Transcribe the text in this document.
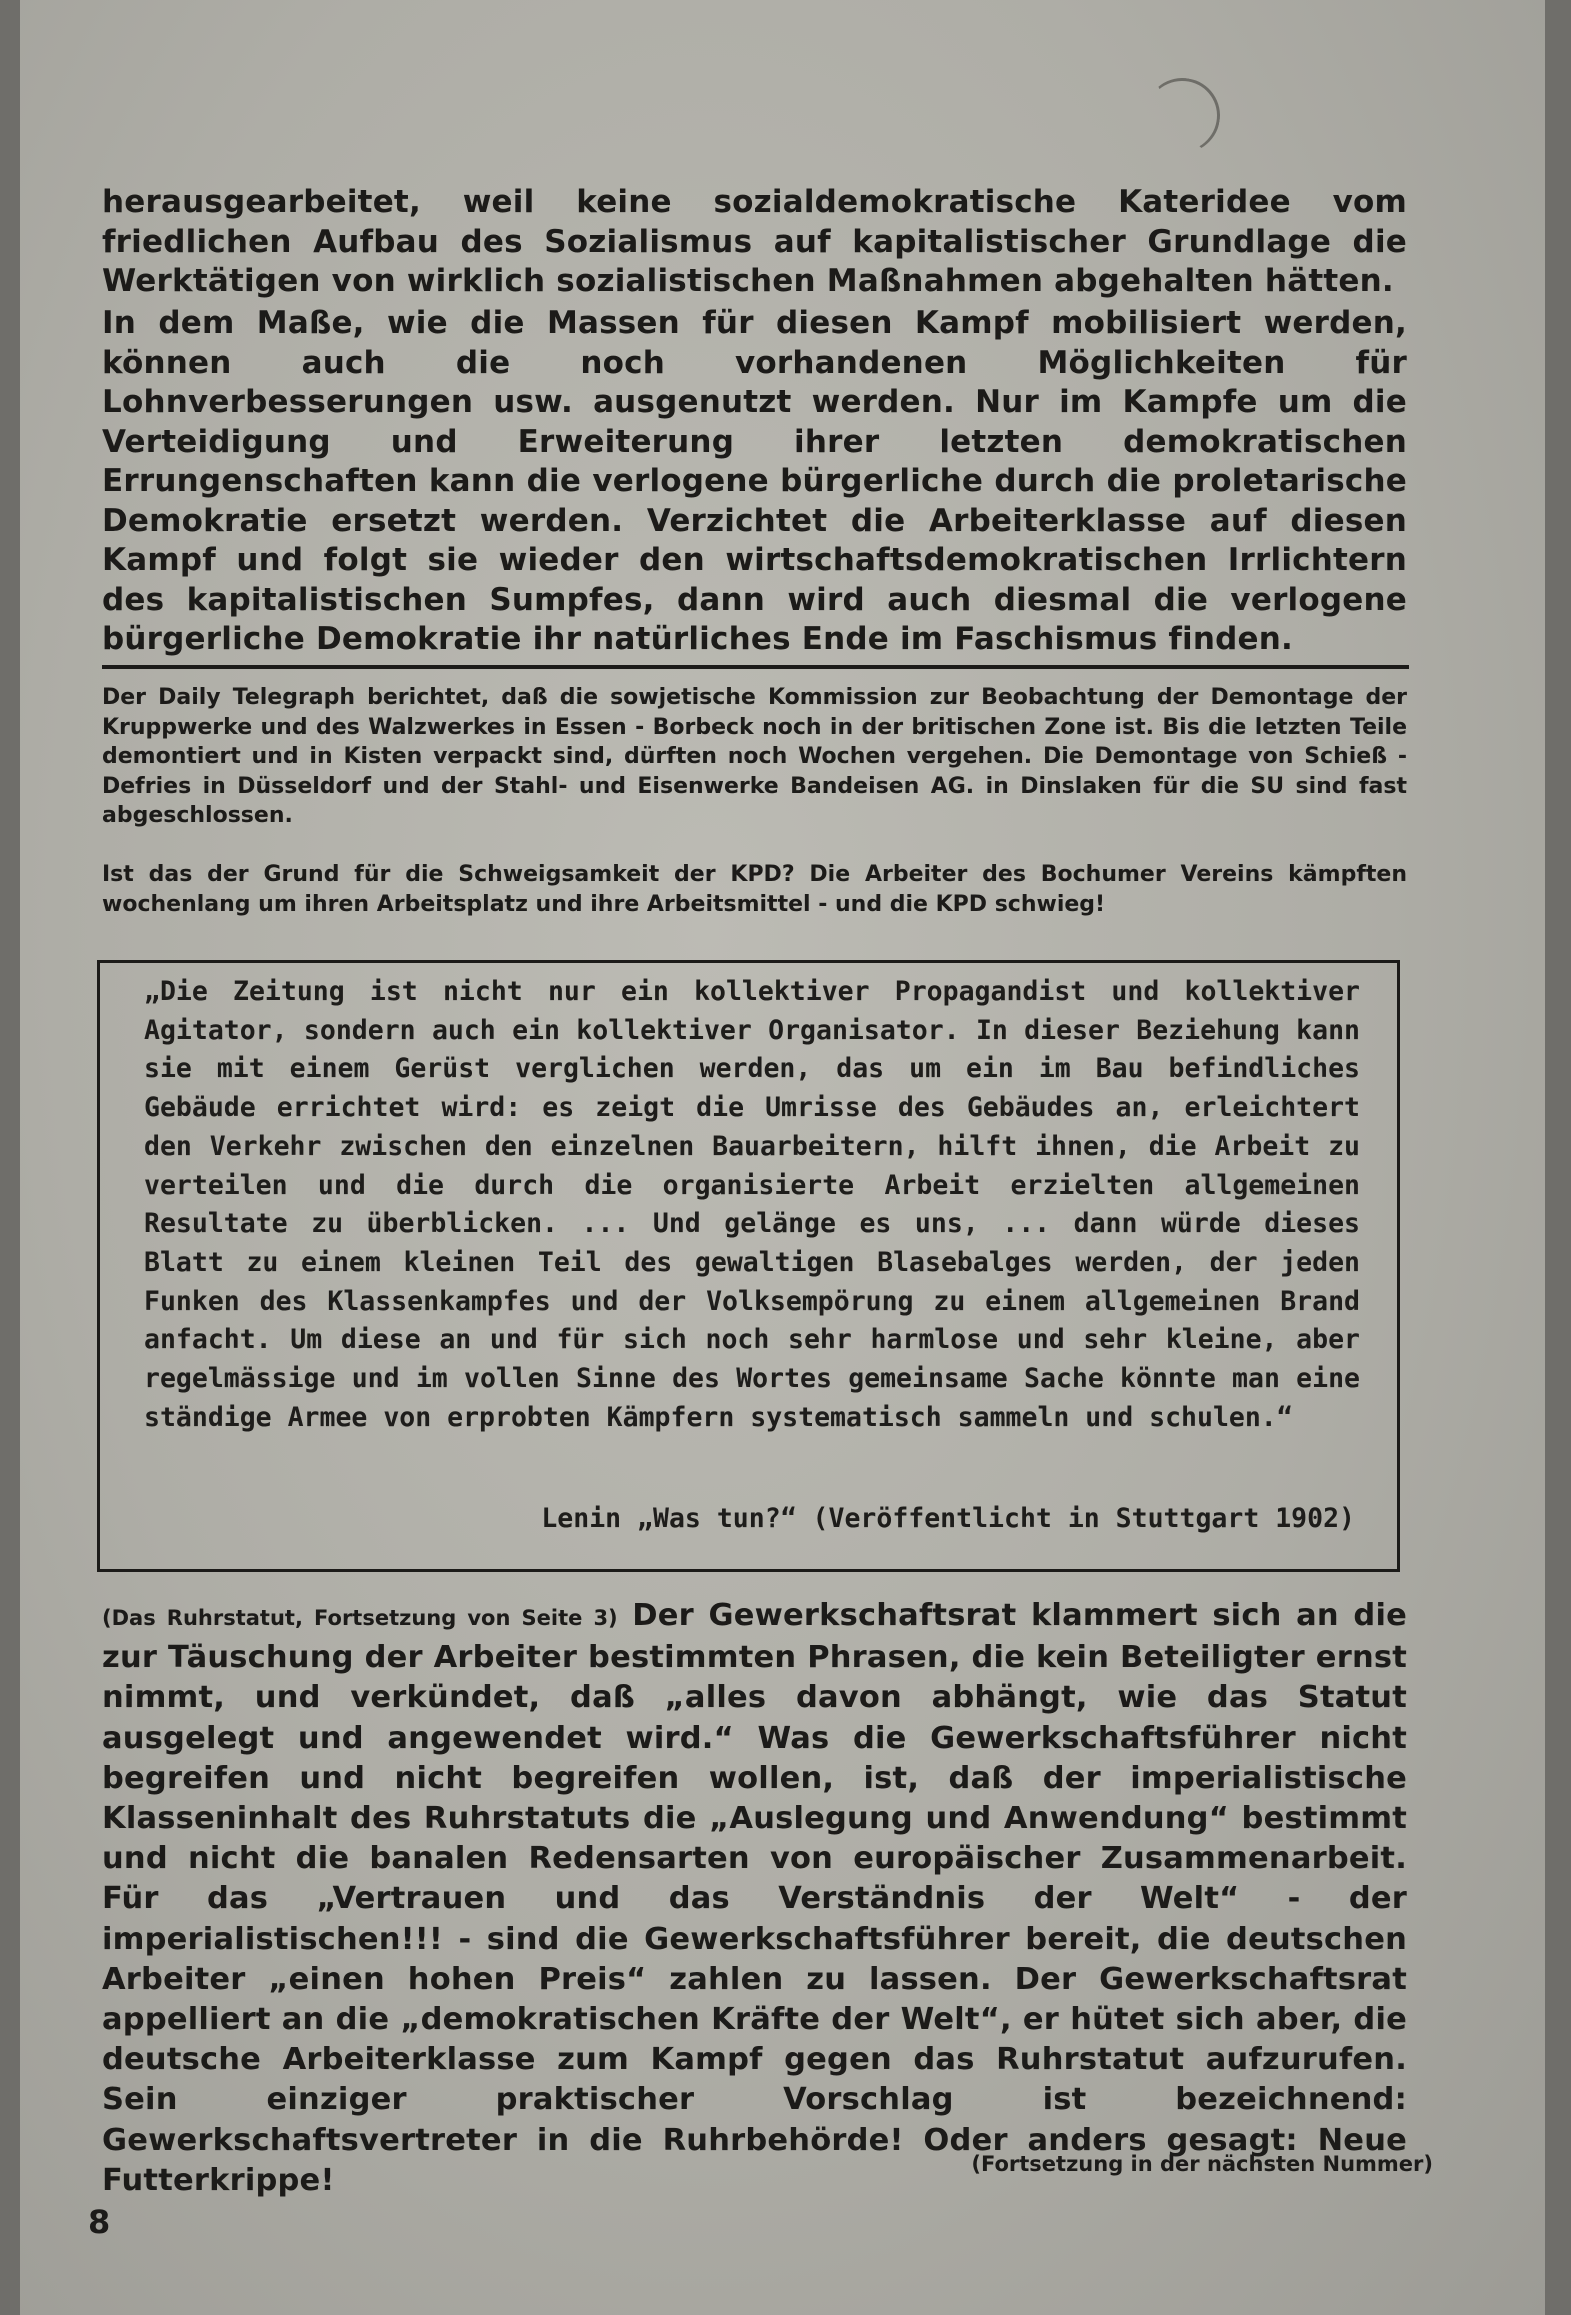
herausgearbeitet, weil keine sozialdemokratische Kateridee vom friedlichen Aufbau des Sozialismus auf kapitalistischer Grundlage die Werktätigen von wirklich sozialistischen Maßnahmen abgehalten hätten.

In dem Maße, wie die Massen für diesen Kampf mobilisiert werden, können auch die noch vorhandenen Möglichkeiten für Lohnverbesserungen usw. ausgenutzt werden. Nur im Kampfe um die Verteidigung und Erweiterung ihrer letzten demokratischen Errungenschaften kann die verlogene bürgerliche durch die proletarische Demokratie ersetzt werden. Verzichtet die Arbeiterklasse auf diesen Kampf und folgt sie wieder den wirtschaftsdemokratischen Irrlichtern des kapitalistischen Sumpfes, dann wird auch diesmal die verlogene bürgerliche Demokratie ihr natürliches Ende im Faschismus finden.

Der Daily Telegraph berichtet, daß die sowjetische Kommission zur Beobachtung der Demontage der Kruppwerke und des Walzwerkes in Essen - Borbeck noch in der britischen Zone ist. Bis die letzten Teile demontiert und in Kisten verpackt sind, dürften noch Wochen vergehen. Die Demontage von Schieß - Defries in Düsseldorf und der Stahl- und Eisenwerke Bandeisen AG. in Dinslaken für die SU sind fast abgeschlossen.

Ist das der Grund für die Schweigsamkeit der KPD? Die Arbeiter des Bochumer Vereins kämpften wochenlang um ihren Arbeitsplatz und ihre Arbeitsmittel - und die KPD schwieg!

„Die Zeitung ist nicht nur ein kollektiver Propagandist und kollektiver Agitator, sondern auch ein kollektiver Organisator. In dieser Beziehung kann sie mit einem Gerüst verglichen werden, das um ein im Bau befindliches Gebäude errichtet wird: es zeigt die Umrisse des Gebäudes an, erleichtert den Verkehr zwischen den einzelnen Bauarbeitern, hilft ihnen, die Arbeit zu verteilen und die durch die organisierte Arbeit erzielten allgemeinen Resultate zu überblicken. ... Und gelänge es uns, ... dann würde dieses Blatt zu einem kleinen Teil des gewaltigen Blasebalges werden, der jeden Funken des Klassenkampfes und der Volksempörung zu einem allgemeinen Brand anfacht. Um diese an und für sich noch sehr harmlose und sehr kleine, aber regelmässige und im vollen Sinne des Wortes gemeinsame Sache könnte man eine ständige Armee von erprobten Kämpfern systematisch sammeln und schulen.“

Lenin „Was tun?“ (Veröffentlicht in Stuttgart 1902)

(Das Ruhrstatut, Fortsetzung von Seite 3) Der Gewerkschaftsrat klammert sich an die zur Täuschung der Arbeiter bestimmten Phrasen, die kein Beteiligter ernst nimmt, und verkündet, daß „alles davon abhängt, wie das Statut ausgelegt und angewendet wird.“ Was die Gewerkschaftsführer nicht begreifen und nicht begreifen wollen, ist, daß der imperialistische Klasseninhalt des Ruhrstatuts die „Auslegung und Anwendung“ bestimmt und nicht die banalen Redensarten von europäischer Zusammenarbeit. Für das „Vertrauen und das Verständnis der Welt“ - der imperialistischen!!! - sind die Gewerkschaftsführer bereit, die deutschen Arbeiter „einen hohen Preis“ zahlen zu lassen. Der Gewerkschaftsrat appelliert an die „demokratischen Kräfte der Welt“, er hütet sich aber, die deutsche Arbeiterklasse zum Kampf gegen das Ruhrstatut aufzurufen. Sein einziger praktischer Vorschlag ist bezeichnend: Gewerkschaftsvertreter in die Ruhrbehörde! Oder anders gesagt: Neue Futterkrippe!	(Fortsetzung in der nächsten Nummer)

8
